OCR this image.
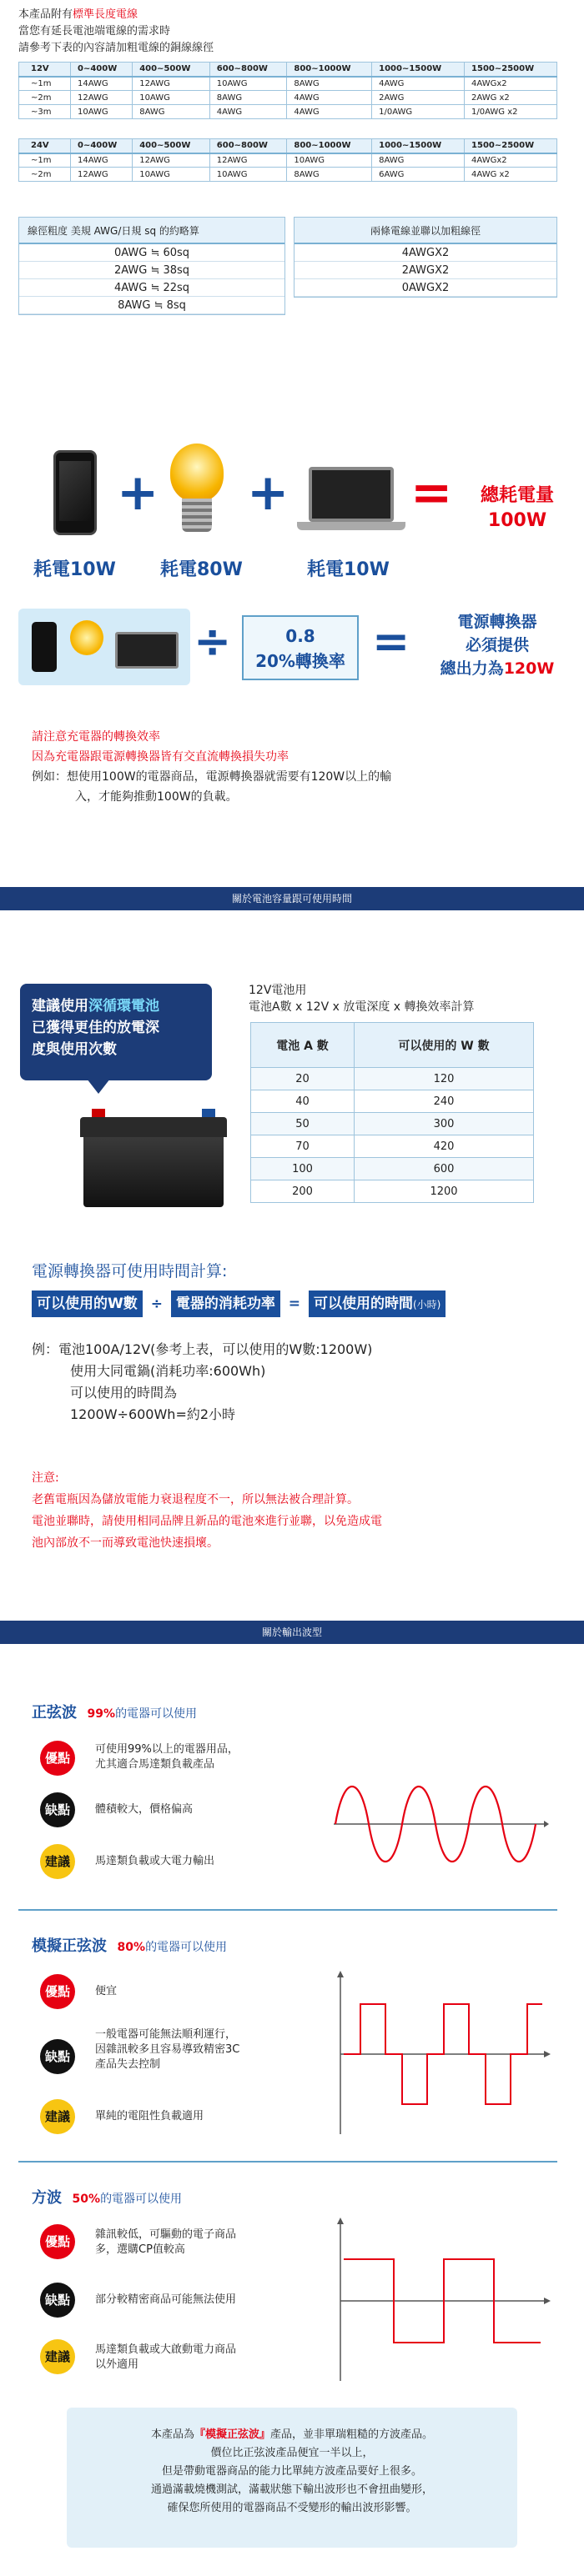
本產品附有標準長度電線
當您有延長電池端電線的需求時
請參考下表的內容請加粗電線的銅線線徑
12V	0~400W	400~500W	600~800W	800~1000W	1000~1500W	1500~2500W
~1m	14AWG	12AWG	10AWG	8AWG	4AWG	4AWGx2
~2m	12AWG	10AWG	8AWG	4AWG	2AWG	2AWG x2
~3m	10AWG	8AWG	4AWG	4AWG	1/0AWG	1/0AWG x2
24V	0~400W	400~500W	600~800W	800~1000W	1000~1500W	1500~2500W
~1m	14AWG	12AWG	12AWG	10AWG	8AWG	4AWGx2
~2m	12AWG	10AWG	10AWG	8AWG	6AWG	4AWG x2
線徑粗度 美規 AWG/日規 sq 的約略算
0AWG ≒ 60sq
2AWG ≒ 38sq
4AWG ≒ 22sq
8AWG ≒ 8sq
兩條電線並聯以加粗線徑
4AWGX2
2AWGX2
0AWGX2
+ + =	總耗電量
100W
耗電10W 耗電80W	耗電10W
÷	0.8
20%轉換率 =	電源轉換器
必須提供
總出力為120W
請注意充電器的轉換效率
因為充電器跟電源轉換器皆有交直流轉換損失功率
例如：想使用100W的電器商品，電源轉換器就需要有120W以上的輸
入，才能夠推動100W的負載。
關於電池容量跟可使用時間
建議使用深循環電池
已獲得更佳的放電深
度與使用次數
12V電池用
電池A數 x 12V x 放電深度 x 轉換效率計算
電池 A 數	可以使用的 W 數
20	120
40	240
50	300
70	420
100	600
200	1200
電源轉換器可使用時間計算:
可以使用的W數 ÷ 電器的消耗功率 = 可以使用的時間(小時)
例：電池100A/12V(參考上表，可以使用的W數:1200W)
使用大同電鍋(消耗功率:600Wh)
可以使用的時間為
1200W÷600Wh=約2小時
注意:
老舊電瓶因為儲放電能力衰退程度不一，所以無法被合理計算。
電池並聯時，請使用相同品牌且新品的電池來進行並聯，以免造成電
池內部放不一而導致電池快速損壞。
關於輸出波型
正弦波 99%的電器可以使用
優點
可使用99%以上的電器用品，
尤其適合馬達類負載產品
缺點	體積較大，價格偏高
建議	馬達類負載或大電力輸出
模擬正弦波 80%的電器可以使用
優點	便宜
缺點
一般電器可能無法順利運行，
因雜訊較多且容易導致精密3C
產品失去控制
建議	單純的電阻性負載適用
方波 50%的電器可以使用
優點	雜訊較低，可驅動的電子商品
多，選購CP值較高
缺點	部分較精密商品可能無法使用
建議	馬達類負載或大啟動電力商品
以外適用
本產品為『模擬正弦波』產品，並非單瑞粗糙的方波產品。
價位比正弦波產品便宜一半以上，
但是帶動電器商品的能力比單純方波產品要好上很多。
通過滿載燒機測試，滿載狀態下輸出波形也不會扭曲變形，
確保您所使用的電器商品不受變形的輸出波形影響。
